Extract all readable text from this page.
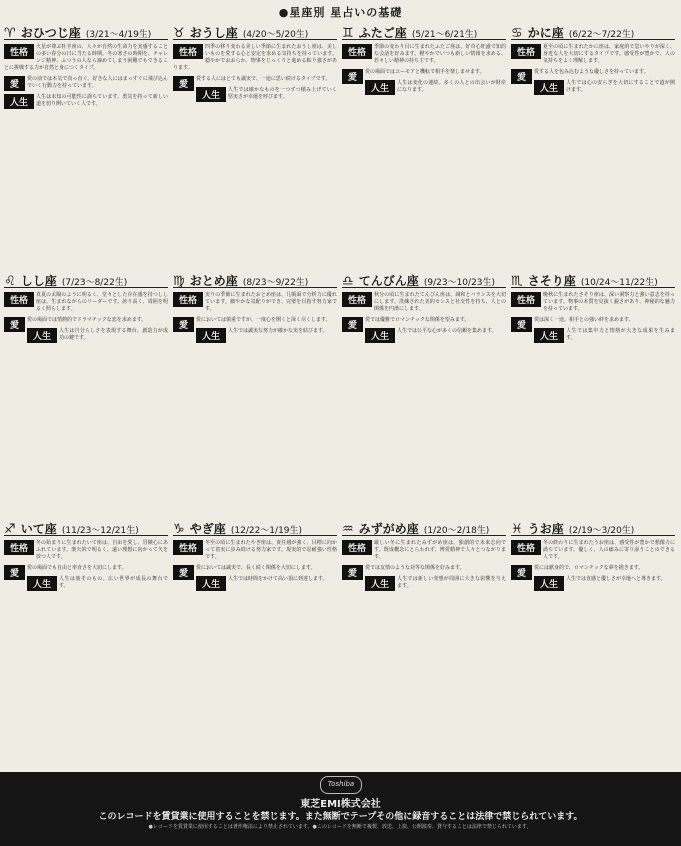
●星座別 星占いの基礎
♈ おひつじ座 (3/21〜4/19生)
性格
火星が尊ぶ牡羊座の、人々が自然の生命力を実感することの多い春分の日に当たる時期。冬の寒さの時期を、チャレンジ精神、ふつうの人なら諦めてしまう困難でもできることに挑戦する力が自然と身につくタイプ。
愛
愛の前では本気で真っ直ぐ。好きな人にはまっすぐに飛び込んでいく行動力を持っています。
人生
人生は未知の可能性に満ちています。勇気を持って新しい道を切り開いていく人です。
♉ おうし座 (4/20〜5/20生)
性格
四季の移り変わる美しい季節に生まれたおうし座は、美しいものを愛する心と安定を求める気持ちを持っています。穏やかでおおらか、物事をじっくりと進める粘り強さがあります。
愛
愛する人にはとても誠実で、一途に思い続けるタイプです。
人生
人生では確かなものを一つずつ積み上げていく堅実さが幸運を呼びます。
♊ ふたご座 (5/21〜6/21生)
性格
季節の変わり目に生まれたふたご座は、好奇心旺盛で知的な会話を好みます。軽やかでいつも新しい情報を求める、若々しい精神の持ち主です。
愛
愛の場面ではユーモアと機転で相手を楽しませます。
人生
人生は変化の連続。多くの人との出会いが財産になります。
♋ かに座 (6/22〜7/22生)
性格
夏至の頃に生まれたかに座は、家庭的で思いやりが深く、身近な人を大切にするタイプです。感受性が豊かで、人の気持ちをよく理解します。
愛
愛する人を包み込むような優しさを持っています。
人生
人生では心の安らぎを大切にすることで道が開けます。
♌ しし座 (7/23〜8/22生)
性格
真夏の太陽のように明るく、堂々とした存在感を持つしし座は、生まれながらのリーダーです。誇り高く、周囲を明るく照らします。
愛
愛の場面では情熱的でドラマチックな恋を求めます。
人生
人生は自分らしさを表現する舞台。創造力が成功の鍵です。
♍ おとめ座 (8/23〜9/22生)
性格
実りの季節に生まれたおとめ座は、几帳面で分析力に優れています。細やかな気配りができ、完璧を目指す努力家です。
愛
愛においては慎重ですが、一度心を開くと深く尽くします。
人生
人生では誠実な努力が確かな実を結びます。
♎ てんびん座 (9/23〜10/23生)
性格
秋分の頃に生まれたてんびん座は、調和とバランスを大切にします。洗練された美的センスと社交性を持ち、人との関係を円滑にします。
愛
愛では優雅でロマンチックな関係を望みます。
人生
人生では公平な心が多くの信頼を集めます。
♏ さそり座 (10/24〜11/22生)
性格
晩秋に生まれたさそり座は、深い洞察力と強い意志を持っています。物事の本質を見抜く鋭さがあり、神秘的な魅力を持っています。
愛
愛は深く一途。相手との強い絆を求めます。
人生
人生では集中力と情熱が大きな成果を生みます。
♐ いて座 (11/23〜12/21生)
性格
冬の始まりに生まれたいて座は、自由を愛し、冒険心にあふれています。楽天的で明るく、遠い理想に向かって矢を放つ人です。
愛
愛の場面でも自由と率直さを大切にします。
人生
人生は旅そのもの。広い世界が成長の舞台です。
♑ やぎ座 (12/22〜1/19生)
性格
冬至の頃に生まれたやぎ座は、責任感が強く、目標に向かって着実に歩み続ける努力家です。現実的で忍耐強い性格です。
愛
愛においては誠実で、長く続く関係を大切にします。
人生
人生では時間をかけて高い頂に到達します。
♒ みずがめ座 (1/20〜2/18生)
性格
厳しい冬に生まれたみずがめ座は、独創的で未来志向です。既成概念にとらわれず、博愛精神で人々とつながります。
愛
愛では友情のような対等な関係を好みます。
人生
人生では新しい発想が周囲に大きな影響を与えます。
♓ うお座 (2/19〜3/20生)
性格
冬の終わりに生まれたうお座は、感受性が豊かで想像力に満ちています。優しく、人の痛みに寄り添うことのできる人です。
愛
愛には献身的で、ロマンチックな夢を描きます。
人生
人生では直感と優しさが幸運へと導きます。
Toshiba
東芝EMI株式会社
このレコードを賃貸業に使用することを禁じます。また無断でテープその他に録音することは法律で禁じられています。
●レコードを賃貸業に使用することは著作権法により禁止されています。●このレコードを無断で複製、放送、上演、公開演奏、貸与することは法律で禁じられています。
